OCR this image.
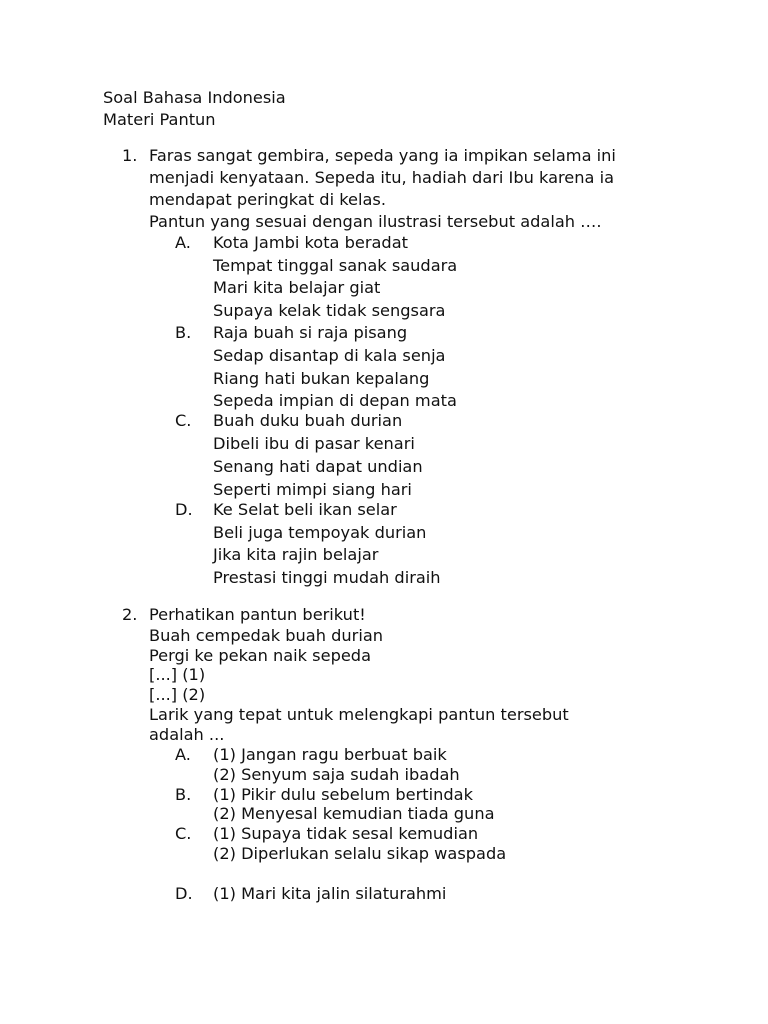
Soal Bahasa Indonesia
Materi Pantun
1. Faras sangat gembira, sepeda yang ia impikan selama ini
menjadi kenyataan. Sepeda itu, hadiah dari Ibu karena ia
mendapat peringkat di kelas.
Pantun yang sesuai dengan ilustrasi tersebut adalah ….
A. Kota Jambi kota beradat
Tempat tinggal sanak saudara
Mari kita belajar giat
Supaya kelak tidak sengsara
B. Raja buah si raja pisang
Sedap disantap di kala senja
Riang hati bukan kepalang
Sepeda impian di depan mata
C. Buah duku buah durian
Dibeli ibu di pasar kenari
Senang hati dapat undian
Seperti mimpi siang hari
D. Ke Selat beli ikan selar
Beli juga tempoyak durian
Jika kita rajin belajar
Prestasi tinggi mudah diraih
2. Perhatikan pantun berikut!
Buah cempedak buah durian
Pergi ke pekan naik sepeda
[...] (1)
[...] (2)
Larik yang tepat untuk melengkapi pantun tersebut
adalah ...
A. (1) Jangan ragu berbuat baik
(2) Senyum saja sudah ibadah
B. (1) Pikir dulu sebelum bertindak
(2) Menyesal kemudian tiada guna
C. (1) Supaya tidak sesal kemudian
(2) Diperlukan selalu sikap waspada
D. (1) Mari kita jalin silaturahmi
